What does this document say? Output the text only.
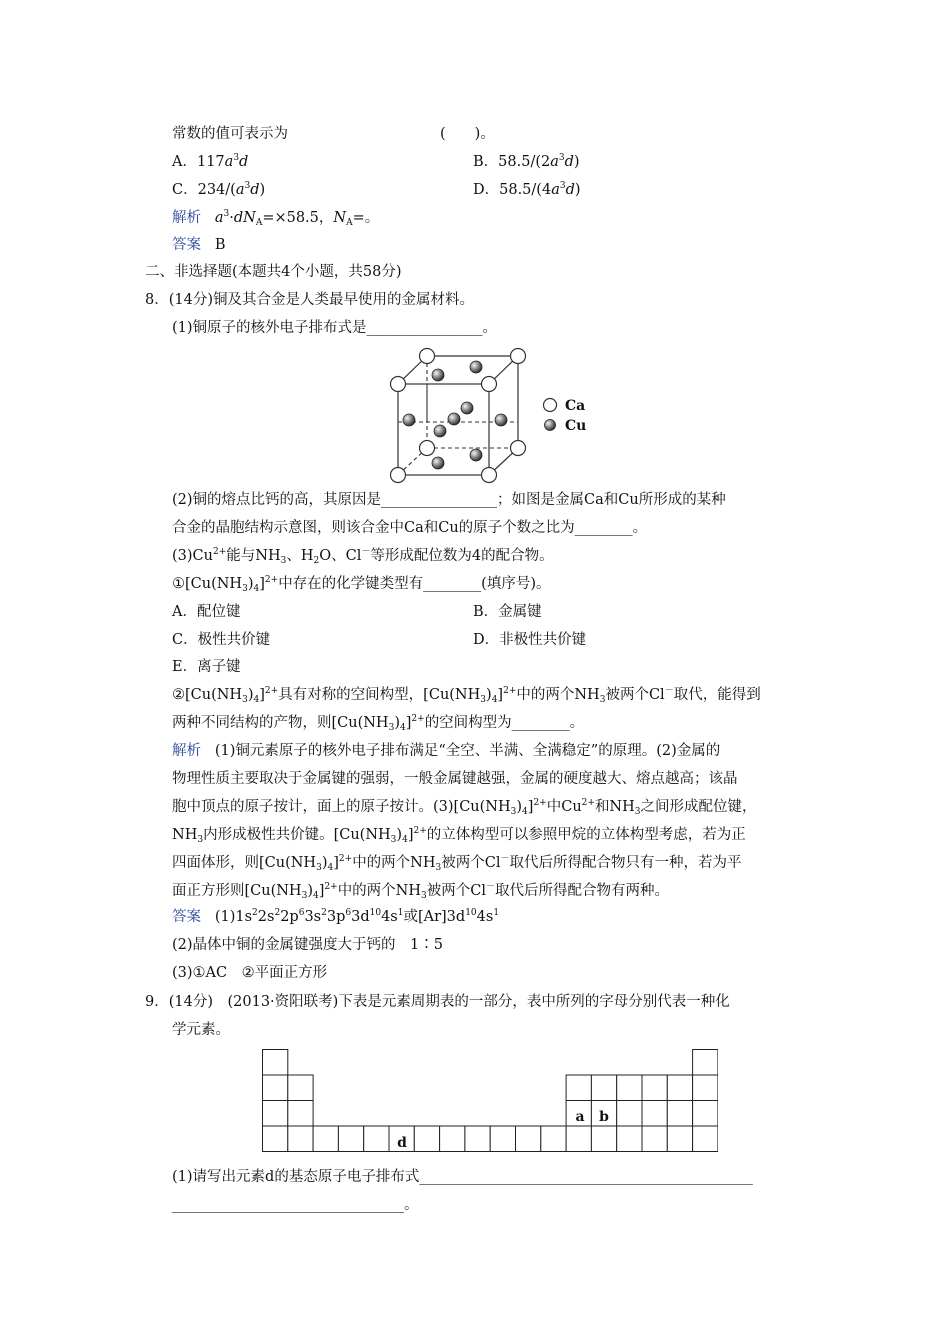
常数的值可表示为	(　　)。
A．$117a^3d$	B．$58.5/(2a^3d)$
C．$234/(a^3d)$	D．$58.5/(4a^3d)$
解析 $a^3\cdot dN_A=\times 58.5$，$N_A=$。
答案 B
二、非选择题(本题共4个小题，共58分)
8．(14分)铜及其合金是人类最早使用的金属材料。
(1)铜原子的核外电子排布式是________________。
Ca
Cu
(2)铜的熔点比钙的高，其原因是________________；如图是金属Ca和Cu所形成的某种
合金的晶胞结构示意图，则该合金中Ca和Cu的原子个数之比为________。
$(3)Cu^{2+}$能与$NH_3$、$H_2O$、Cl－等形成配位数为4的配合物。
$①[Cu(NH_3)_4]^{2+}$中存在的化学键类型有________(填序号)。
A．配位键	B．金属键
C．极性共价键	D．非极性共价键
E．离子键
$②[Cu(NH_3)_4]^{2+}$具有对称的空间构型，$[Cu(NH_3)_4]^{2+}$中的两个$NH_3$被两个Cl－取代，能得到
两种不同结构的产物，则$[Cu(NH_3)_4]^{2+}$的空间构型为________。
解析 (1)铜元素原子的核外电子排布满足“全空、半满、全满稳定”的原理。(2)金属的
物理性质主要取决于金属键的强弱，一般金属键越强，金属的硬度越大、熔点越高；该晶
胞中顶点的原子按计，面上的原子按计。$(3)[Cu(NH_3)_4]^{2+}$中$Cu^{2+}$和$NH_3$之间形成配位键，
$NH_3$内形成极性共价键。$[Cu(NH_3)_4]^{2+}$的立体构型可以参照甲烷的立体构型考虑，若为正
四面体形，则$[Cu(NH_3)_4]^{2+}$中的两个$NH_3$被两个Cl－取代后所得配合物只有一种，若为平
面正方形则$[Cu(NH_3)_4]^{2+}$中的两个$NH_3$被两个Cl－取代后所得配合物有两种。
答案 $(1)1s^22s^22p^63s^23p^63d^{10}4s^1$或$[Ar]3d^{10}4s^1$
(2)晶体中铜的金属键强度大于钙的　1∶5
(3)①AC　②平面正方形
9．(14分)　(2013·资阳联考)下表是元素周期表的一部分，表中所列的字母分别代表一种化
学元素。
a b
d
(1)请写出元素d的基态原子电子排布式______________________________________________
________________________________。
